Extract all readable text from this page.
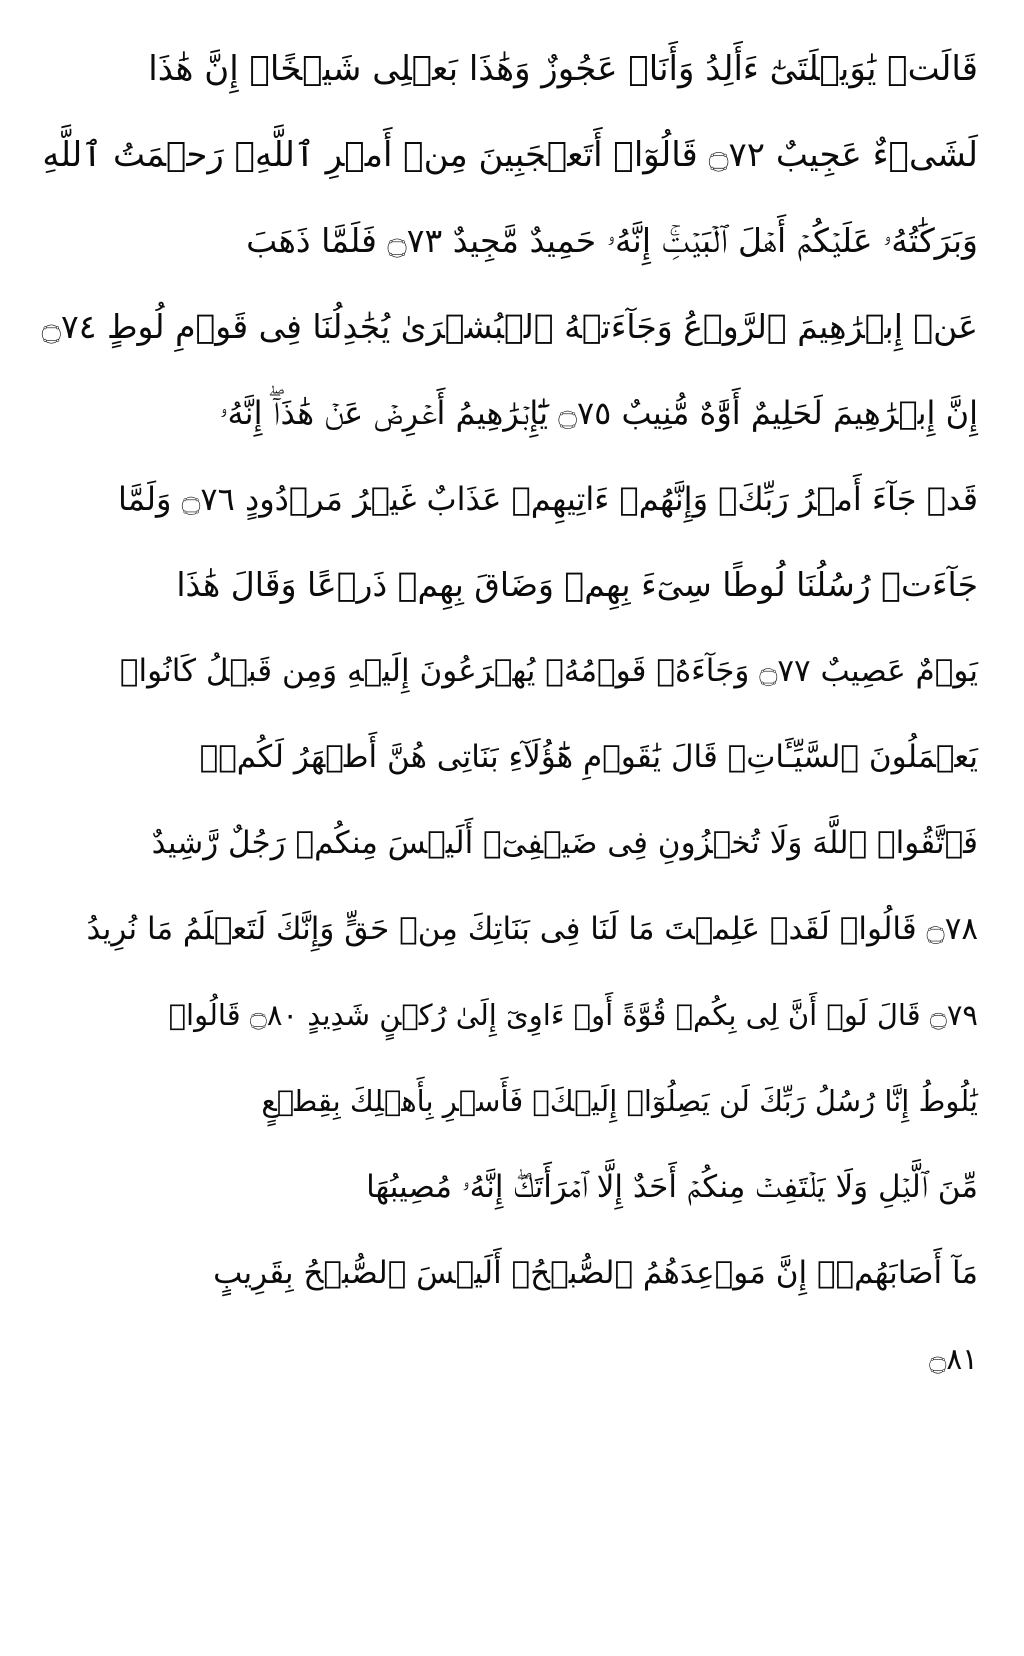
قَالَتۡ يَٰوَيۡلَتَىٰٓ ءَأَلِدُ وَأَنَا۠ عَجُوزٌ وَهَٰذَا بَعۡلِى شَيۡخًاۖ إِنَّ هَٰذَا
لَشَىۡءٌ عَجِيبٌ ۝٧٢ قَالُوٓا۟ أَتَعۡجَبِينَ مِنۡ أَمۡرِ ٱللَّهِۖ رَحۡمَتُ ٱللَّهِ
وَبَرَكَٰتُهُۥ عَلَيۡكُمۡ أَهۡلَ ٱلۡبَيۡتِۚ إِنَّهُۥ حَمِيدٌ مَّجِيدٌ ۝٧٣ فَلَمَّا ذَهَبَ
عَنۡ إِبۡرَٰهِيمَ ٱلرَّوۡعُ وَجَآءَتۡهُ ٱلۡبُشۡرَىٰ يُجَٰدِلُنَا فِى قَوۡمِ لُوطٍ ۝٧٤
إِنَّ إِبۡرَٰهِيمَ لَحَلِيمٌ أَوَّٰهٌ مُّنِيبٌ ۝٧٥ يَٰٓإِبۡرَٰهِيمُ أَعۡرِضۡ عَنۡ هَٰذَآۖ إِنَّهُۥ
قَدۡ جَآءَ أَمۡرُ رَبِّكَۖ وَإِنَّهُمۡ ءَاتِيهِمۡ عَذَابٌ غَيۡرُ مَرۡدُودٍ ۝٧٦ وَلَمَّا
جَآءَتۡ رُسُلُنَا لُوطًا سِىٓءَ بِهِمۡ وَضَاقَ بِهِمۡ ذَرۡعًا وَقَالَ هَٰذَا
يَوۡمٌ عَصِيبٌ ۝٧٧ وَجَآءَهُۥ قَوۡمُهُۥ يُهۡرَعُونَ إِلَيۡهِ وَمِن قَبۡلُ كَانُوا۟
يَعۡمَلُونَ ٱلسَّيِّـَٔاتِۚ قَالَ يَٰقَوۡمِ هَٰٓؤُلَآءِ بَنَاتِى هُنَّ أَطۡهَرُ لَكُمۡۖ
فَٱتَّقُوا۟ ٱللَّهَ وَلَا تُخۡزُونِ فِى ضَيۡفِىٓۖ أَلَيۡسَ مِنكُمۡ رَجُلٌ رَّشِيدٌ
۝٧٨ قَالُوا۟ لَقَدۡ عَلِمۡتَ مَا لَنَا فِى بَنَاتِكَ مِنۡ حَقٍّ وَإِنَّكَ لَتَعۡلَمُ مَا نُرِيدُ
۝٧٩ قَالَ لَوۡ أَنَّ لِى بِكُمۡ قُوَّةً أَوۡ ءَاوِىٓ إِلَىٰ رُكۡنٍ شَدِيدٍ ۝٨٠ قَالُوا۟
يَٰلُوطُ إِنَّا رُسُلُ رَبِّكَ لَن يَصِلُوٓا۟ إِلَيۡكَۖ فَأَسۡرِ بِأَهۡلِكَ بِقِطۡعٍ
مِّنَ ٱلَّيۡلِ وَلَا يَلۡتَفِتۡ مِنكُمۡ أَحَدٌ إِلَّا ٱمۡرَأَتَكَۖ إِنَّهُۥ مُصِيبُهَا
مَآ أَصَابَهُمۡۚ إِنَّ مَوۡعِدَهُمُ ٱلصُّبۡحُۚ أَلَيۡسَ ٱلصُّبۡحُ بِقَرِيبٍ
۝٨١
